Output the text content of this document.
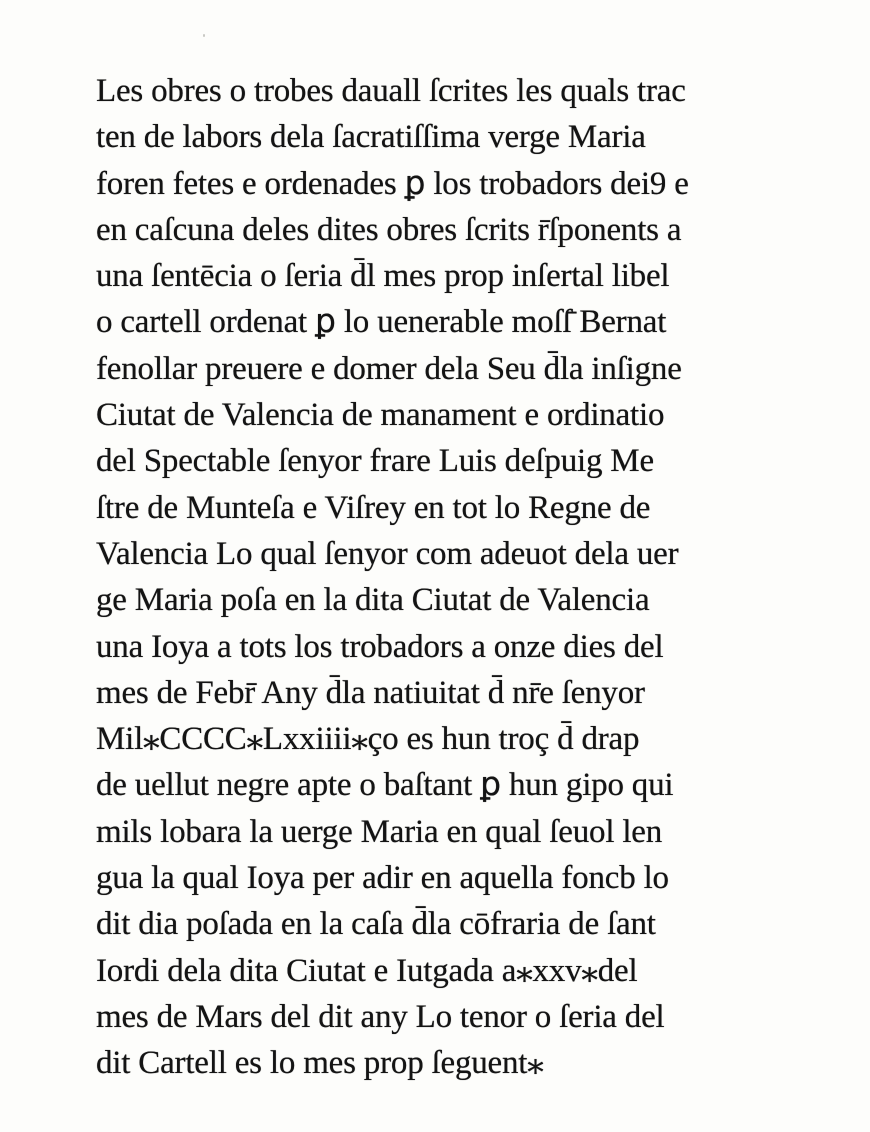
Les obres o trobes dauall ſcrites les quals trac
ten de labors dela ſacratiſſima verge Maria
foren fetes e ordenades ꝑ los trobadors dei9 e
en caſcuna deles dites obres ſcrits r̄ſponents a
una ſentēcia o ſeria d̄l mes prop inſertal libel
o cartell ordenat ꝑ lo uenerable moſſ̄ Bernat
fenollar preuere e domer dela Seu d̄la inſigne
Ciutat de Valencia de manament e ordinatio
del Spectable ſenyor frare Luis deſpuig Me
ſtre de Munteſa e Viſrey en tot lo Regne de
Valencia Lo qual ſenyor com adeuot dela uer
ge Maria poſa en la dita Ciutat de Valencia
una Ioya a tots los trobadors a onze dies del
mes de Febr̄ Any d̄la natiuitat d̄ nr̄e ſenyor
Mil⁎CCCC⁎Lxxiiii⁎ço es hun troç d̄ drap
de uellut negre apte o baſtant ꝑ hun gipo qui
mils lobara la uerge Maria en qual ſeuol len
gua la qual Ioya per adir en aquella foncb lo
dit dia poſada en la caſa d̄la cōfraria de ſant
Iordi dela dita Ciutat e Iutgada a⁎xxv⁎del
mes de Mars del dit any Lo tenor o ſeria del
dit Cartell es lo mes prop ſeguent⁎
